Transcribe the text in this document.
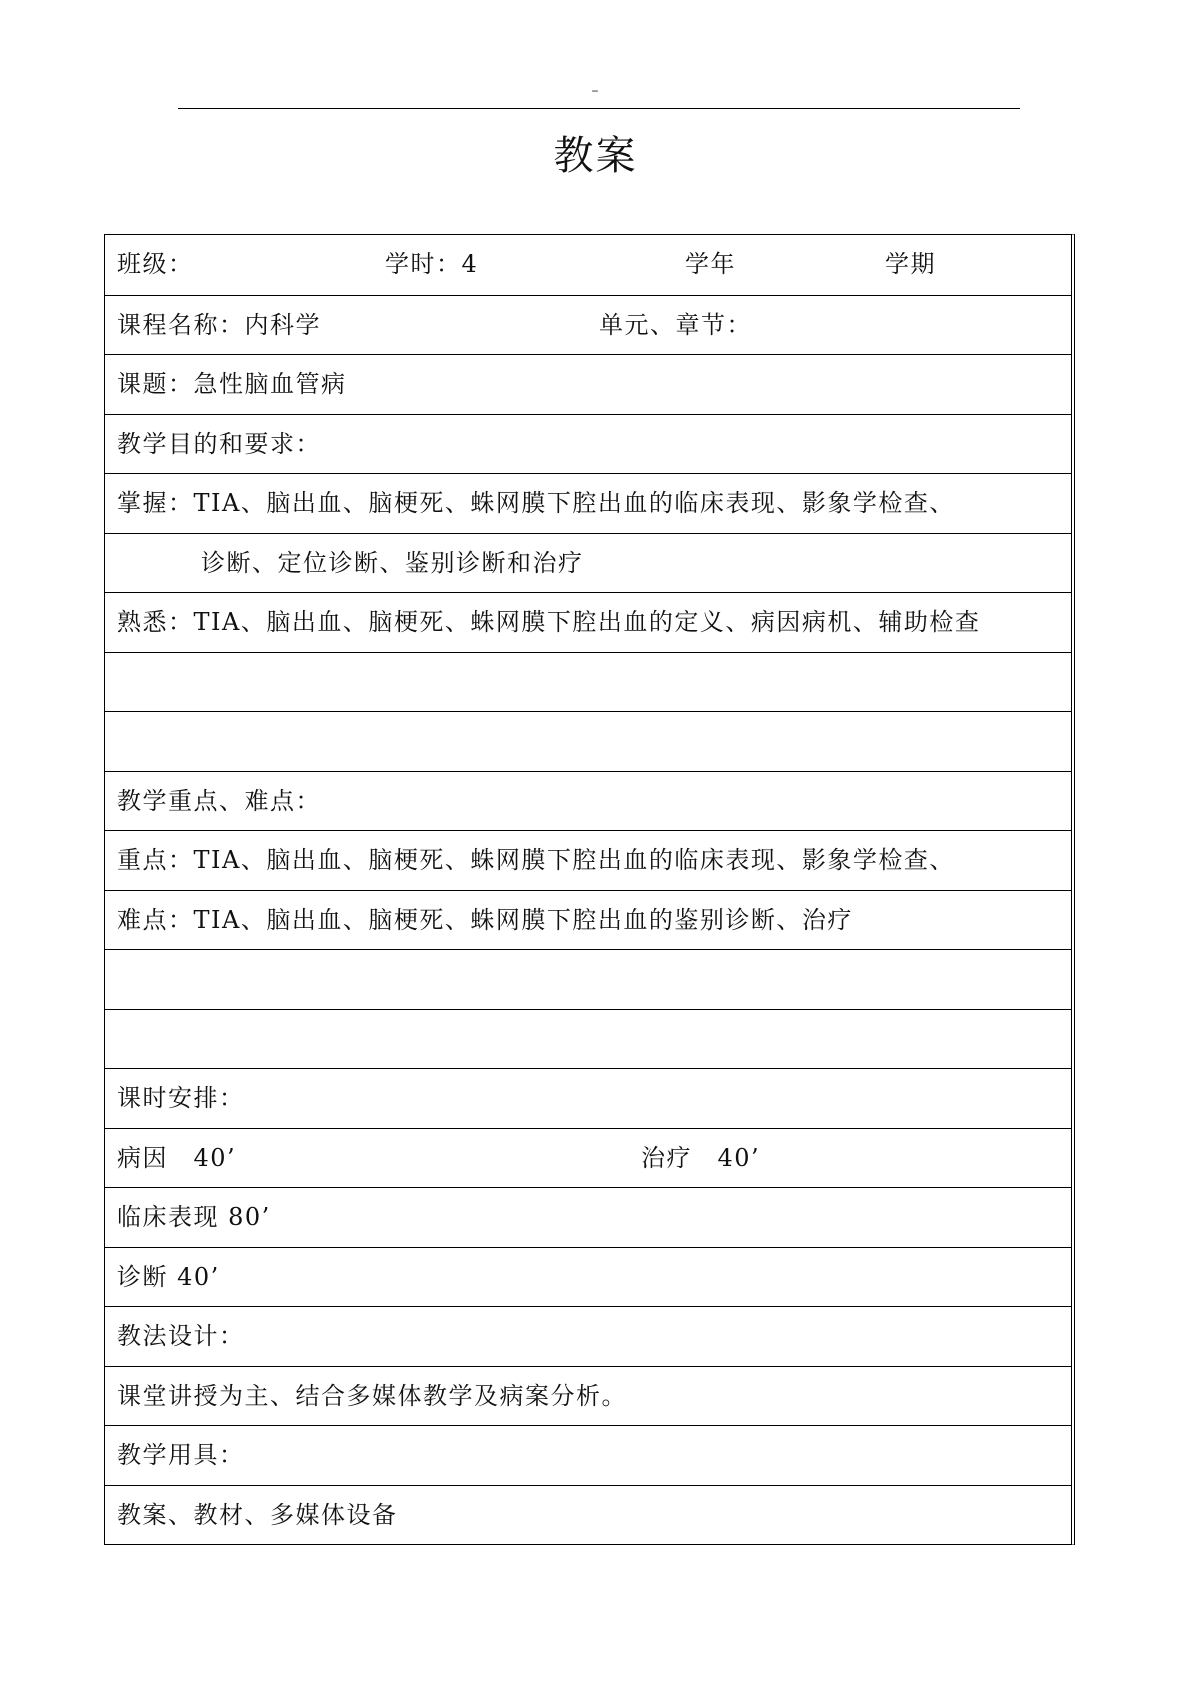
–
教案
班级：	学时：4	学年	学期
课程名称：内科学	单元、章节：
课题：急性脑血管病
教学目的和要求：
掌握：TIA、脑出血、脑梗死、蛛网膜下腔出血的临床表现、影象学检查、
诊断、定位诊断、鉴别诊断和治疗
熟悉：TIA、脑出血、脑梗死、蛛网膜下腔出血的定义、病因病机、辅助检查
教学重点、难点：
重点：TIA、脑出血、脑梗死、蛛网膜下腔出血的临床表现、影象学检查、
难点：TIA、脑出血、脑梗死、蛛网膜下腔出血的鉴别诊断、治疗
课时安排：
病因　40’	治疗　40’
临床表现 80’
诊断 40’
教法设计：
课堂讲授为主、结合多媒体教学及病案分析。
教学用具：
教案、教材、多媒体设备
